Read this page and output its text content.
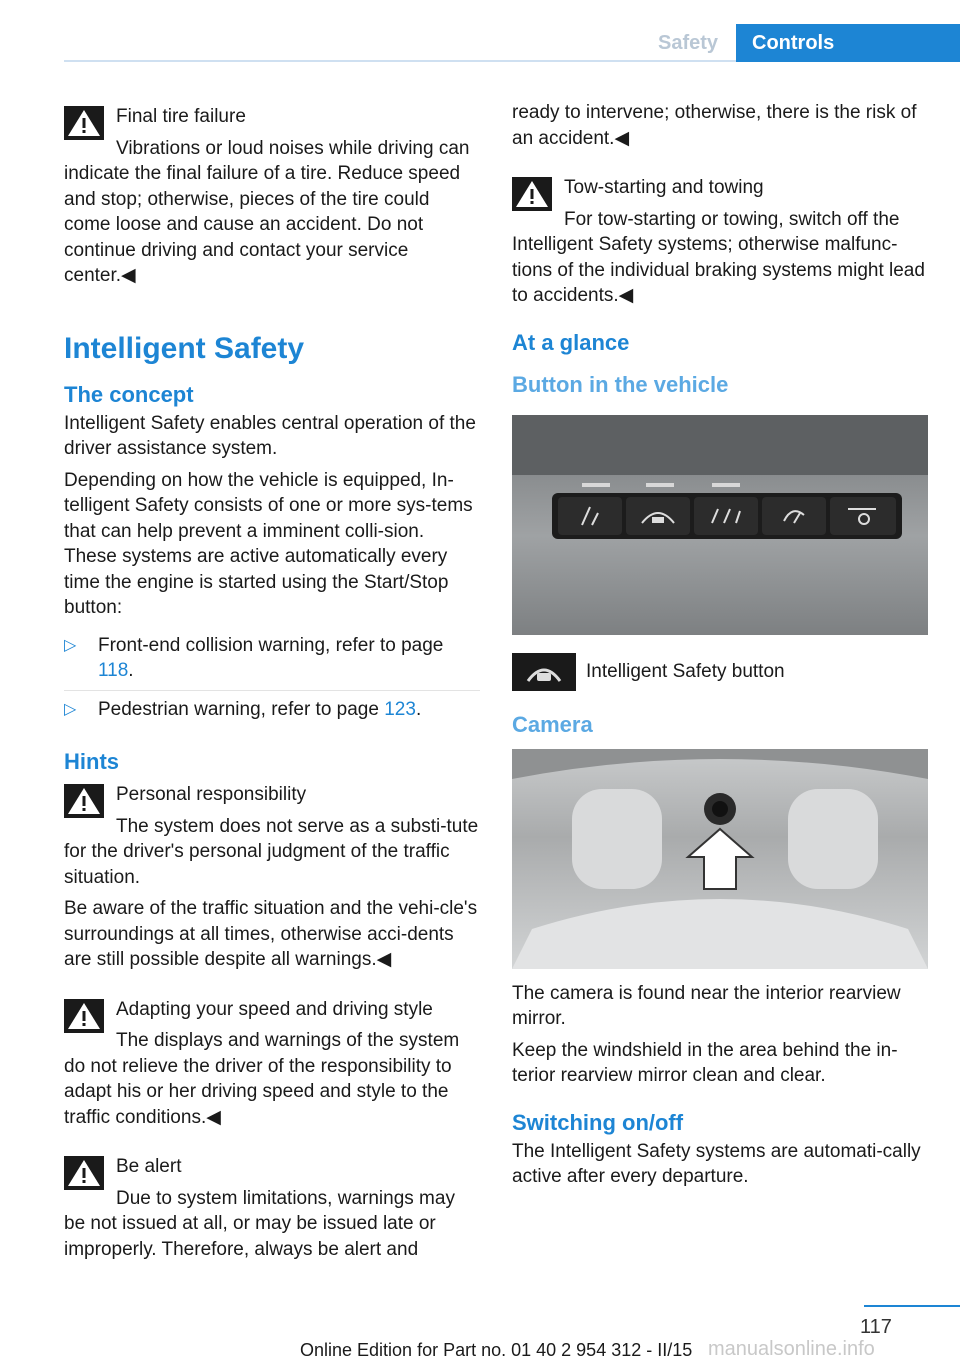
Safety	Controls
Final tire failure
Vibrations or loud noises while driving can indicate the final failure of a tire. Reduce speed and stop; otherwise, pieces of the tire could come loose and cause an accident. Do not continue driving and contact your service center.◀
Intelligent Safety
The concept

Intelligent Safety enables central operation of the driver assistance system.

Depending on how the vehicle is equipped, In‐telligent Safety consists of one or more sys‐tems that can help prevent a imminent colli‐sion. These systems are active automatically every time the engine is started using the Start/Stop button:

▷ Front-end collision warning, refer to page 118.
▷ Pedestrian warning, refer to page 123.
Hints
Personal responsibility

The system does not serve as a substi‐tute for the driver's personal judgment of the traffic situation.

Be aware of the traffic situation and the vehi‐cle's surroundings at all times, otherwise acci‐dents are still possible despite all warnings.◀

Adapting your speed and driving style
The displays and warnings of the system do not relieve the driver of the responsibility to adapt his or her driving speed and style to the traffic conditions.◀
Be alert
Due to system limitations, warnings may be not issued at all, or may be issued late or improperly. Therefore, always be alert and

ready to intervene; otherwise, there is the risk of an accident.◀

Tow-starting and towing
For tow-starting or towing, switch off the Intelligent Safety systems; otherwise malfunc‐tions of the individual braking systems might lead to accidents.◀
At a glance
Button in the vehicle
Intelligent Safety button
Camera

The camera is found near the interior rearview mirror.

Keep the windshield in the area behind the in‐terior rearview mirror clean and clear.

Switching on/off

The Intelligent Safety systems are automati‐cally active after every departure.

117
Online Edition for Part no. 01 40 2 954 312 - II/15 manualsonline.info
